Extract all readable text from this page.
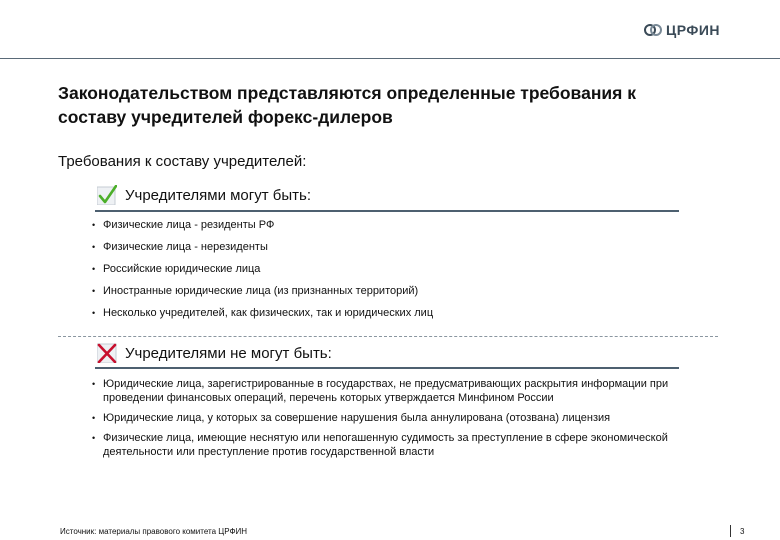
ЦРФИН
Законодательством представляются определенные требования к составу учредителей форекс-дилеров
Требования к составу учредителей:
Учредителями могут быть:
• Физические лица - резиденты РФ
• Физические лица - нерезиденты
• Российские юридические лица
• Иностранные юридические лица (из признанных территорий)
• Несколько учредителей, как физических, так и юридических лиц
Учредителями не могут быть:
• Юридические лица, зарегистрированные в государствах, не предусматривающих раскрытия информации при проведении финансовых операций, перечень которых утверждается Минфином России
• Юридические лица, у которых за совершение нарушения была аннулирована (отозвана) лицензия
• Физические лица, имеющие неснятую или непогашенную судимость за преступление в сфере экономической деятельности или преступление против государственной власти
Источник: материалы правового комитета ЦРФИН	3
